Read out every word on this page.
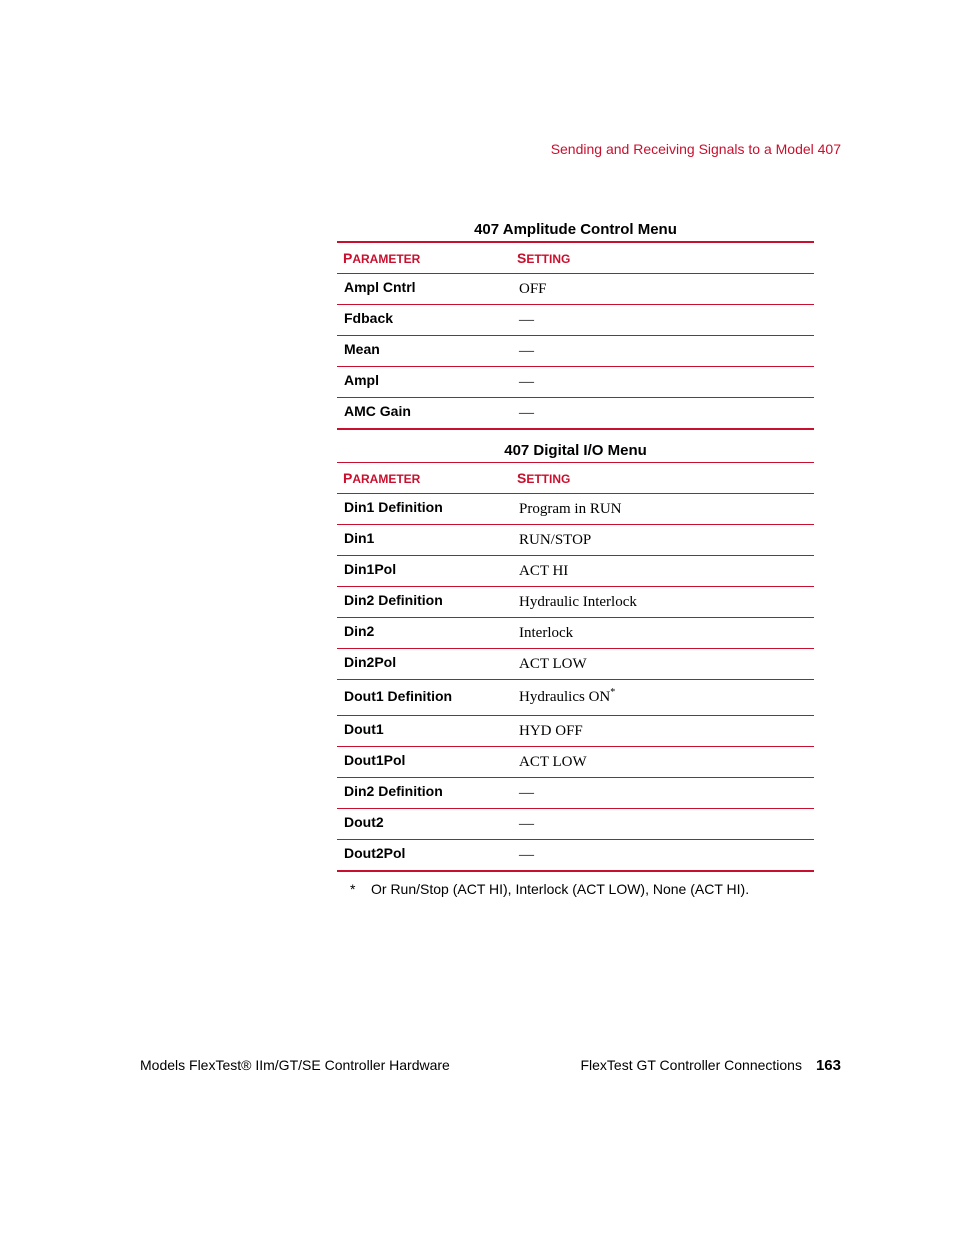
Sending and Receiving Signals to a Model 407
407 Amplitude Control Menu
PARAMETER	SETTING
Ampl Cntrl	OFF
Fdback	—
Mean	—
Ampl	—
AMC Gain	—
407 Digital I/O Menu
PARAMETER	SETTING
Din1 Definition	Program in RUN
Din1	RUN/STOP
Din1Pol	ACT HI
Din2 Definition	Hydraulic Interlock
Din2	Interlock
Din2Pol	ACT LOW
Dout1 Definition	Hydraulics ON*
Dout1	HYD OFF
Dout1Pol	ACT LOW
Din2 Definition	—
Dout2	—
Dout2Pol	—
* Or Run/Stop (ACT HI), Interlock (ACT LOW), None (ACT HI).
Models FlexTest® IIm/GT/SE Controller Hardware	FlexTest GT Controller Connections 163
